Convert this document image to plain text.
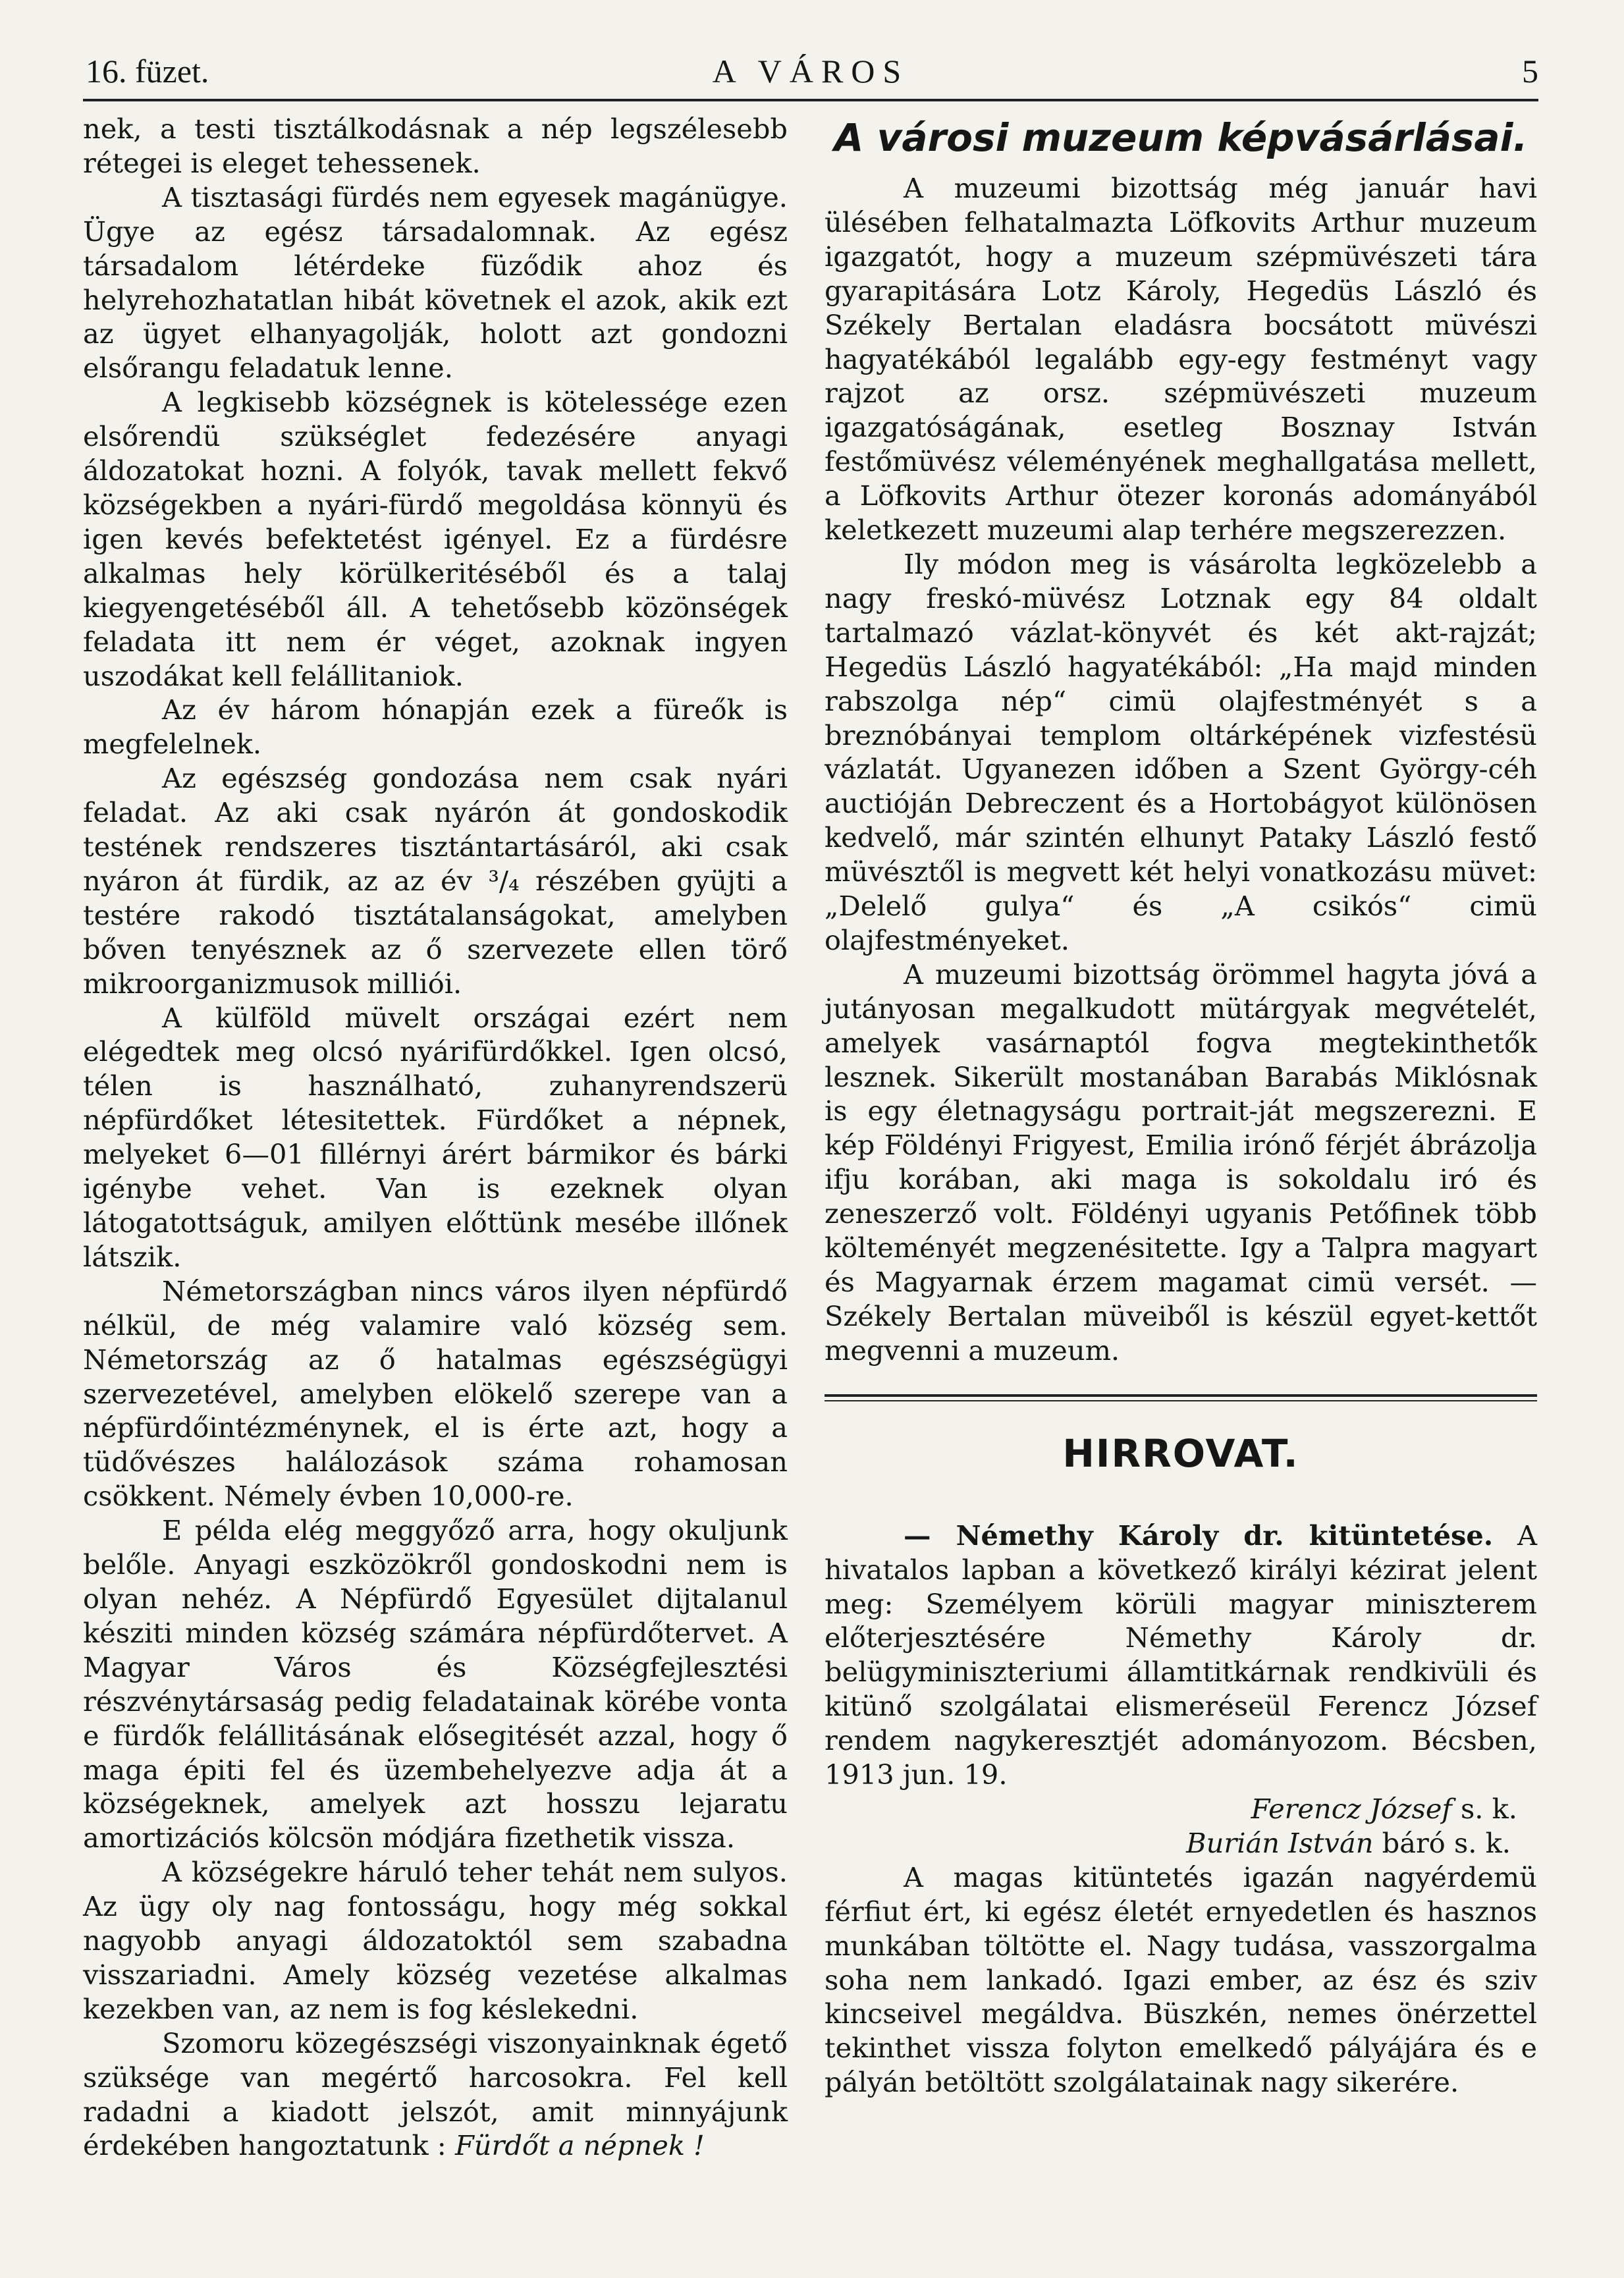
16. füzet.	A VÁROS	5

nek, a testi tisztálkodásnak a nép legszélesebb rétegei is eleget tehessenek.

A tisztasági fürdés nem egyesek magánügye. Ügye az egész társadalomnak. Az egész társadalom létérdeke füződik ahoz és helyrehozhatatlan hibát követnek el azok, akik ezt az ügyet elhanyagolják, holott azt gondozni elsőrangu feladatuk lenne.

A legkisebb községnek is kötelessége ezen elsőrendü szükséglet fedezésére anyagi áldozatokat hozni. A folyók, tavak mellett fekvő községekben a nyári-fürdő megoldása könnyü és igen kevés befektetést igényel. Ez a fürdésre alkalmas hely körülkeritéséből és a talaj kiegyengetéséből áll. A tehetősebb közönségek feladata itt nem ér véget, azoknak ingyen uszodákat kell felállitaniok.

Az év három hónapján ezek a füreők is megfelelnek.

Az egészség gondozása nem csak nyári feladat. Az aki csak nyárón át gondoskodik testének rendszeres tisztántartásáról, aki csak nyáron át fürdik, az az év ³/₄ részében gyüjti a testére rakodó tisztátalanságokat, amelyben bőven tenyésznek az ő szervezete ellen törő mikroorganizmusok milliói.

A külföld müvelt országai ezért nem elégedtek meg olcsó nyárifürdőkkel. Igen olcsó, télen is használható, zuhanyrendszerü népfürdőket létesitettek. Fürdőket a népnek, melyeket 6—01 fillérnyi árért bármikor és bárki igénybe vehet. Van is ezeknek olyan látogatottságuk, amilyen előttünk mesébe illőnek látszik.

Németországban nincs város ilyen népfürdő nélkül, de még valamire való község sem. Németország az ő hatalmas egészségügyi szervezetével, amelyben elökelő szerepe van a népfürdőintézménynek, el is érte azt, hogy a tüdővészes halálozások száma rohamosan csökkent. Némely évben 10,000-re.

E példa elég meggyőző arra, hogy okuljunk belőle. Anyagi eszközökről gondoskodni nem is olyan nehéz. A Népfürdő Egyesület dijtalanul késziti minden község számára népfürdőtervet. A Magyar Város és Községfejlesztési részvénytársaság pedig feladatainak körébe vonta e fürdők felállitásának elősegitését azzal, hogy ő maga épiti fel és üzembehelyezve adja át a községeknek, amelyek azt hosszu lejaratu amortizációs kölcsön módjára fizethetik vissza.

A községekre háruló teher tehát nem sulyos. Az ügy oly nag fontosságu, hogy még sokkal nagyobb anyagi áldozatoktól sem szabadna visszariadni. Amely község vezetése alkalmas kezekben van, az nem is fog késlekedni.

Szomoru közegészségi viszonyainknak égető szüksége van megértő harcosokra. Fel kell radadni a kiadott jelszót, amit minnyájunk érdekében hangoztatunk : Fürdőt a népnek !

A városi muzeum képvásárlásai.

A muzeumi bizottság még január havi ülésében felhatalmazta Löfkovits Arthur muzeum igazgatót, hogy a muzeum szépmüvészeti tára gyarapitására Lotz Károly, Hegedüs László és Székely Bertalan eladásra bocsátott müvészi hagyatékából legalább egy-egy festményt vagy rajzot az orsz. szépmüvészeti muzeum igazgatóságának, esetleg Bosznay István festőmüvész véleményének meghallgatása mellett, a Löfkovits Arthur ötezer koronás adományából keletkezett muzeumi alap terhére megszerezzen.

Ily módon meg is vásárolta legközelebb a nagy freskó-müvész Lotznak egy 84 oldalt tartalmazó vázlat-könyvét és két akt-rajzát; Hegedüs László hagyatékából: „Ha majd minden rabszolga nép“ cimü olajfestményét s a breznóbányai templom oltárképének vizfestésü vázlatát. Ugyanezen időben a Szent György-céh auctióján Debreczent és a Hortobágyot különösen kedvelő, már szintén elhunyt Pataky László festő müvésztől is megvett két helyi vonatkozásu müvet: „Delelő gulya“ és „A csikós“ cimü olajfestményeket.

A muzeumi bizottság örömmel hagyta jóvá a jutányosan megalkudott mütárgyak megvételét, amelyek vasárnaptól fogva megtekinthetők lesznek. Sikerült mostanában Barabás Miklósnak is egy életnagyságu portrait-ját megszerezni. E kép Földényi Frigyest, Emilia irónő férjét ábrázolja ifju korában, aki maga is sokoldalu iró és zeneszerző volt. Földényi ugyanis Petőfinek több költeményét megzenésitette. Igy a Talpra magyart és Magyarnak érzem magamat cimü versét. — Székely Bertalan müveiből is készül egyet-kettőt megvenni a muzeum.

HIRROVAT.

— Némethy Károly dr. kitüntetése. A hivatalos lapban a következő királyi kézirat jelent meg: Személyem körüli magyar miniszterem előterjesztésére Némethy Károly dr. belügyminiszteriumi államtitkárnak rendkivüli és kitünő szolgálatai elismeréseül Ferencz József rendem nagykeresztjét adományozom. Bécsben, 1913 jun. 19.

Ferencz József s. k.

Burián István báró s. k.

A magas kitüntetés igazán nagyérdemü férfiut ért, ki egész életét ernyedetlen és hasznos munkában töltötte el. Nagy tudása, vasszorgalma soha nem lankadó. Igazi ember, az ész és sziv kincseivel megáldva. Büszkén, nemes önérzettel tekinthet vissza folyton emelkedő pályájára és e pályán betöltött szolgálatainak nagy sikerére.
